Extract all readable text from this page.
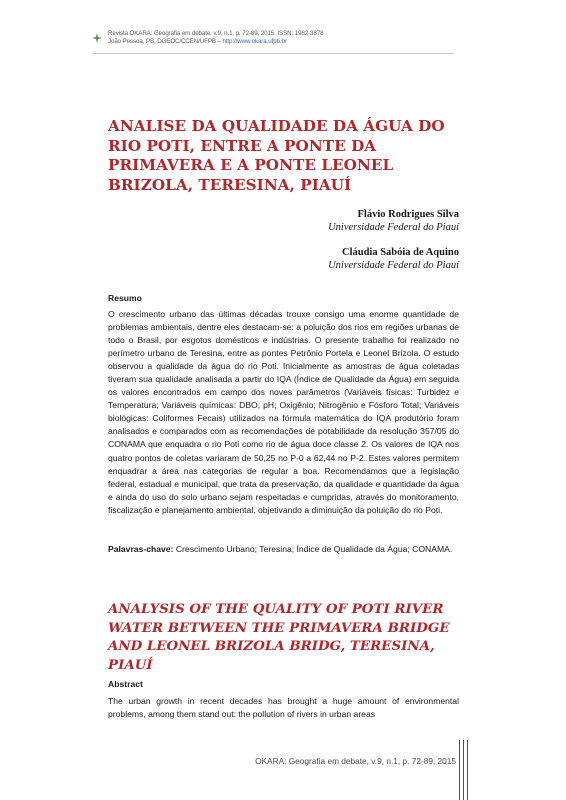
Revista OKARA: Geografia em debate, v.9, n.1, p. 72-89, 2015. ISSN: 1982-3878
João Pessoa, PB, DGEOC/CCEN/UFPB – http://www.okara.ufpb.br
ANALISE DA QUALIDADE DA ÁGUA DO RIO POTI, ENTRE A PONTE DA PRIMAVERA E A PONTE LEONEL BRIZOLA, TERESINA, PIAUÍ
Flávio Rodrigues Silva
Universidade Federal do Piauí
Cláudia Sabóia de Aquino
Universidade Federal do Piauí
Resumo
O crescimento urbano das últimas décadas trouxe consigo uma enorme quantidade de problemas ambientais, dentre eles destacam-se: a poluição dos rios em regiões urbanas de todo o Brasil, por esgotos domésticos e indústrias. O presente trabalho foi realizado no perímetro urbano de Teresina, entre as pontes Petrônio Portela e Leonel Brizola. O estudo observou a qualidade da água do rio Poti. Inicialmente as amostras de água coletadas tiveram sua qualidade analisada a partir do IQA (Índice de Qualidade da Água) em seguida os valores encontrados em campo dos noves parâmetros (Variáveis físicas: Turbidez e Temperatura; Variáveis químicas: DBO; pH; Oxigênio; Nitrogênio e Fósforo Total; Variáveis biológicas: Coliformes Fecais) utilizados na fórmula matemática do IQA produtório foram analisados e comparados com as recomendações de potabilidade da resolução 357/05 do CONAMA que enquadra o rio Poti como rio de água doce classe 2. Os valores de IQA nos quatro pontos de coletas variaram de 50,25 no P-0 a 62,44 no P-2. Estes valores permitem enquadrar a área nas categorias de regular a boa. Recomendamos que a legislação federal, estadual e municipal, que trata da preservação, da qualidade e quantidade da água e ainda do uso do solo urbano sejam respeitadas e cumpridas, através do monitoramento, fiscalização e planejamento ambiental, objetivando a diminuição da poluição do rio Poti.
Palavras-chave: Crescimento Urbano; Teresina; Índice de Qualidade da Água; CONAMA.
ANALYSIS OF THE QUALITY OF POTI RIVER WATER BETWEEN THE PRIMAVERA BRIDGE AND LEONEL BRIZOLA BRIDG, TERESINA, PIAUÍ
Abstract
The urban growth in recent decades has brought a huge amount of environmental problems, among them stand out: the pollution of rivers in urban areas
OKARA: Geografia em debate, v.9, n.1, p. 72-89, 2015
